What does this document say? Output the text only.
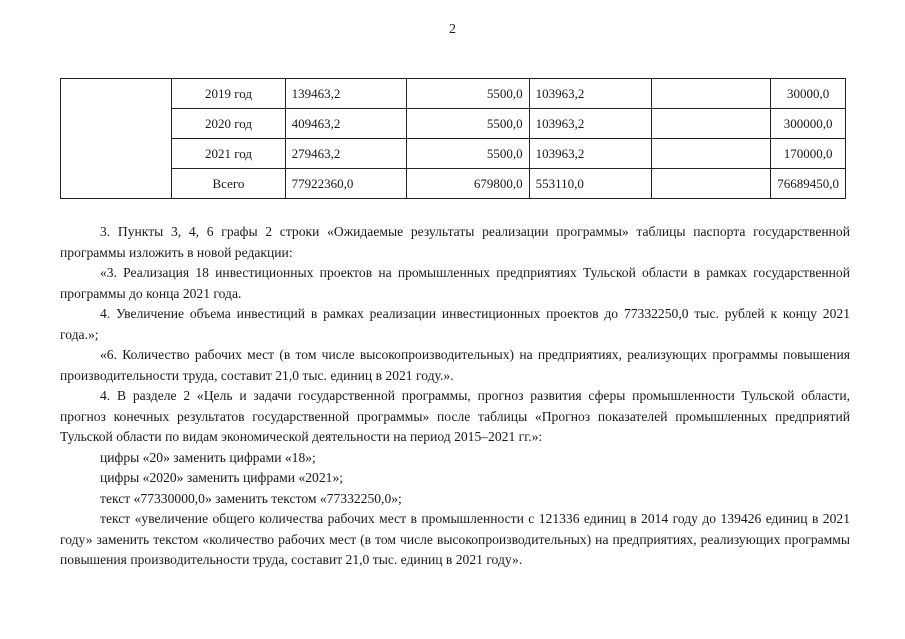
2
	2019 год	139463,2	5500,0	103963,2		30000,0
	2020 год	409463,2	5500,0	103963,2		300000,0
	2021 год	279463,2	5500,0	103963,2		170000,0
	Всего	77922360,0	679800,0	553110,0		76689450,0

3. Пункты 3, 4, 6 графы 2 строки «Ожидаемые результаты реализации программы» таблицы паспорта государственной программы изложить в новой редакции:

«3. Реализация 18 инвестиционных проектов на промышленных предприятиях Тульской области в рамках государственной программы до конца 2021 года.

4. Увеличение объема инвестиций в рамках реализации инвестиционных проектов до 77332250,0 тыс. рублей к концу 2021 года.»;

«6. Количество рабочих мест (в том числе высокопроизводительных) на предприятиях, реализующих программы повышения производительности труда, составит 21,0 тыс. единиц в 2021 году.».

4. В разделе 2 «Цель и задачи государственной программы, прогноз развития сферы промышленности Тульской области, прогноз конечных результатов государственной программы» после таблицы «Прогноз показателей промышленных предприятий Тульской области по видам экономической деятельности на период 2015–2021 гг.»:

цифры «20» заменить цифрами «18»;

цифры «2020» заменить цифрами «2021»;

текст «77330000,0» заменить текстом «77332250,0»;

текст «увеличение общего количества рабочих мест в промышленности с 121336 единиц в 2014 году до 139426 единиц в 2021 году» заменить текстом «количество рабочих мест (в том числе высокопроизводительных) на предприятиях, реализующих программы повышения производительности труда, составит 21,0 тыс. единиц в 2021 году».
